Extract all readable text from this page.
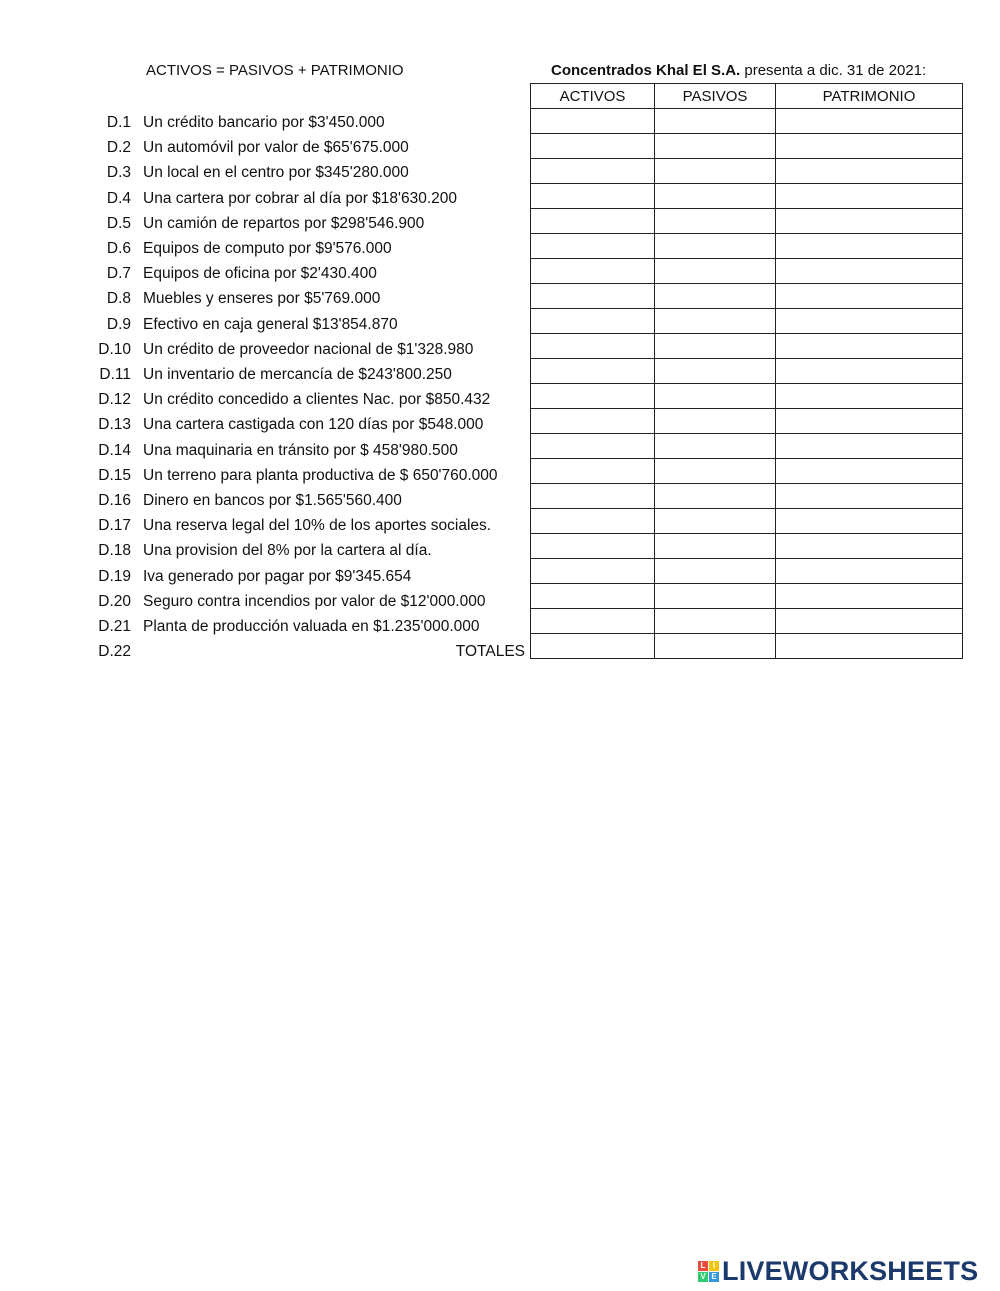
ACTIVOS = PASIVOS + PATRIMONIO	Concentrados Khal El S.A. presenta a dic. 31 de 2021:
D.1 Un crédito bancario por $3'450.000
D.2 Un automóvil por valor de $65'675.000
D.3 Un local en el centro por $345'280.000
D.4 Una cartera por cobrar al día por $18'630.200
D.5 Un camión de repartos por $298'546.900
D.6 Equipos de computo por $9'576.000
D.7 Equipos de oficina por $2'430.400
D.8 Muebles y enseres por $5'769.000
D.9 Efectivo en caja general $13'854.870
D.10 Un crédito de proveedor nacional de $1'328.980
D.11 Un inventario de mercancía de $243'800.250
D.12 Un crédito concedido a clientes Nac. por $850.432
D.13 Una cartera castigada con 120 días por $548.000
D.14 Una maquinaria en tránsito por $ 458'980.500
D.15 Un terreno para planta productiva de $ 650'760.000
D.16 Dinero en bancos por $1.565'560.400
D.17 Una reserva legal del 10% de los aportes sociales.
D.18 Una provision del 8% por la cartera al día.
D.19 Iva generado por pagar por $9'345.654
D.20 Seguro contra incendios por valor de $12'000.000
D.21 Planta de producción valuada en $1.235'000.000
D.22	TOTALES
ACTIVOS	PASIVOS	PATRIMONIO

L I
V E LIVEWORKSHEETS
